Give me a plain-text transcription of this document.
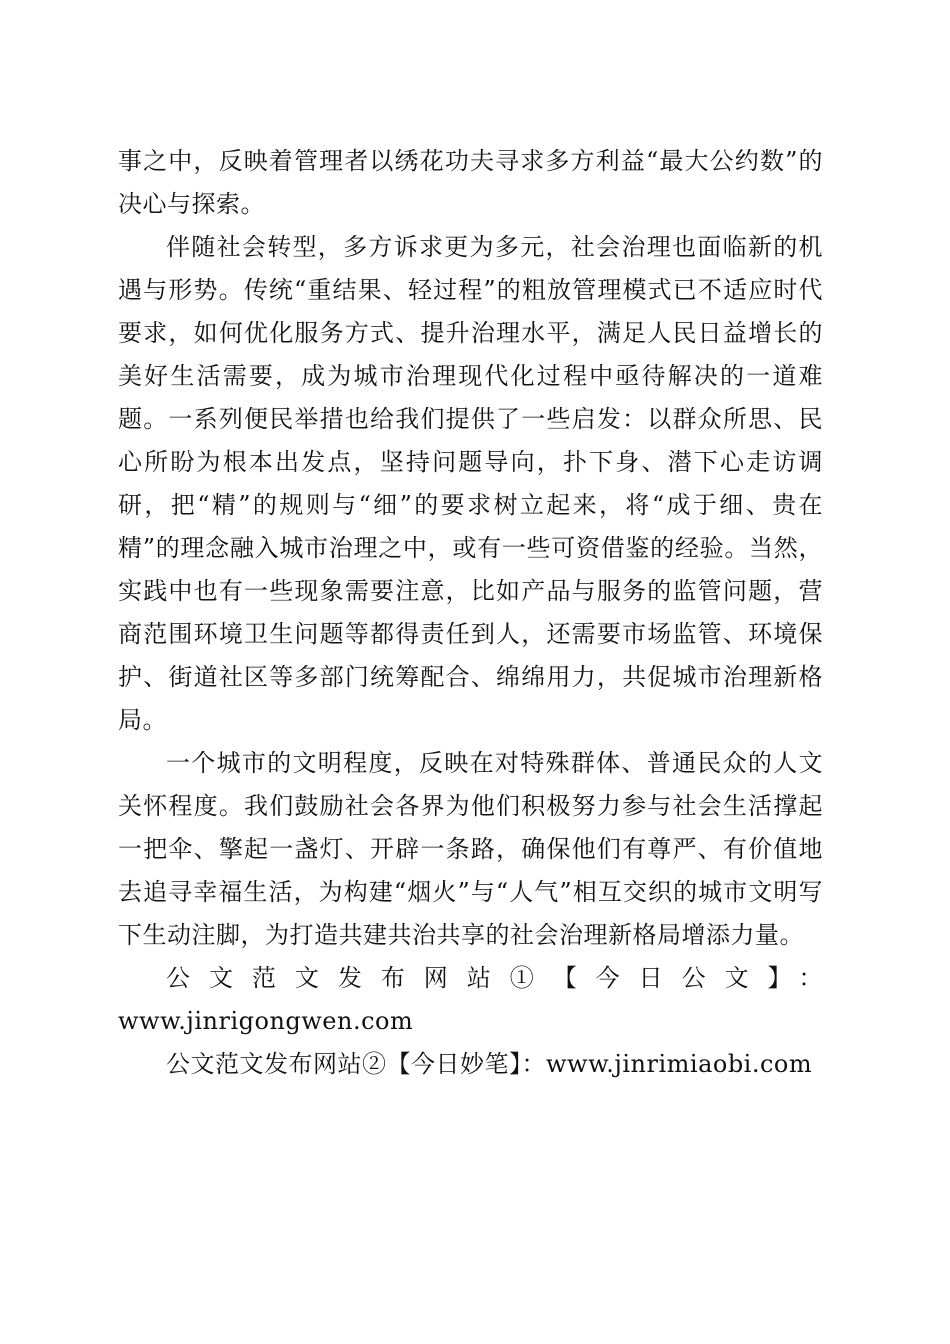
事之中，反映着管理者以绣花功夫寻求多方利益“最大公约数”的决心与探索。

伴随社会转型，多方诉求更为多元，社会治理也面临新的机遇与形势。传统“重结果、轻过程”的粗放管理模式已不适应时代要求，如何优化服务方式、提升治理水平，满足人民日益增长的美好生活需要，成为城市治理现代化过程中亟待解决的一道难题。一系列便民举措也给我们提供了一些启发：以群众所思、民心所盼为根本出发点，坚持问题导向，扑下身、潜下心走访调研，把“精”的规则与“细”的要求树立起来，将“成于细、贵在精”的理念融入城市治理之中，或有一些可资借鉴的经验。当然，实践中也有一些现象需要注意，比如产品与服务的监管问题，营商范围环境卫生问题等都得责任到人，还需要市场监管、环境保护、街道社区等多部门统筹配合、绵绵用力，共促城市治理新格局。

一个城市的文明程度，反映在对特殊群体、普通民众的人文关怀程度。我们鼓励社会各界为他们积极努力参与社会生活撑起一把伞、擎起一盏灯、开辟一条路，确保他们有尊严、有价值地去追寻幸福生活，为构建“烟火”与“人气”相互交织的城市文明写下生动注脚，为打造共建共治共享的社会治理新格局增添力量。

公文范文发布网站①【今日公文】：

www.jinrigongwen.com

公文范文发布网站②【今日妙笔】：www.jinrimiaobi.com
